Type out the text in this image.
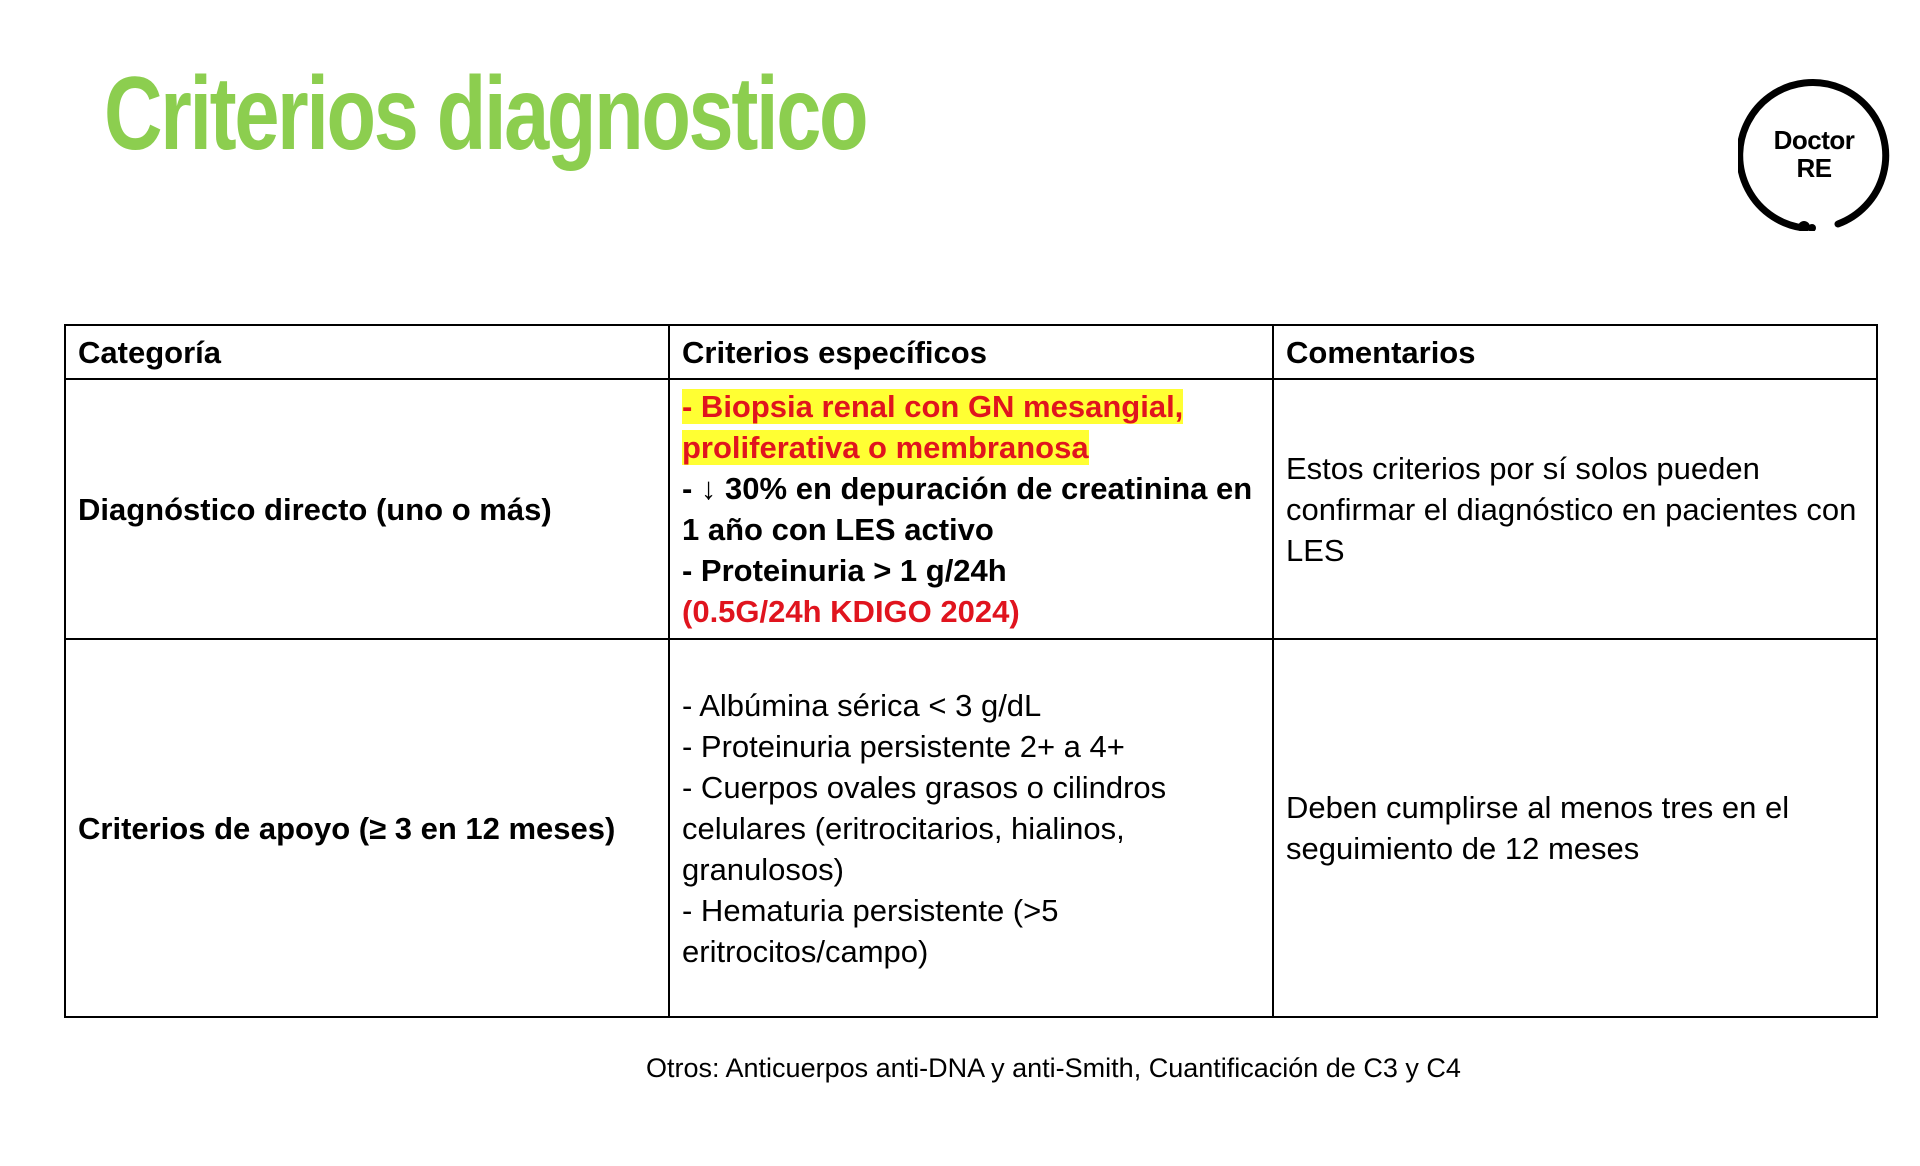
Criterios diagnostico	Doctor
RE
Categoría	Criterios específicos	Comentarios
Diagnóstico directo (uno o más)	- Biopsia renal con GN mesangial,
proliferativa o membranosa
- ↓ 30% en depuración de creatinina en 1 año con LES activo
- Proteinuria > 1 g/24h
(0.5G/24h KDIGO 2024)	Estos criterios por sí solos pueden confirmar el diagnóstico en pacientes con LES
Criterios de apoyo (≥ 3 en 12 meses)	- Albúmina sérica < 3 g/dL
- Proteinuria persistente 2+ a 4+
- Cuerpos ovales grasos o cilindros celulares (eritrocitarios, hialinos, granulosos)
- Hematuria persistente (>5 eritrocitos/campo)	Deben cumplirse al menos tres en el seguimiento de 12 meses
Otros: Anticuerpos anti-DNA y anti-Smith, Cuantificación de C3 y C4
